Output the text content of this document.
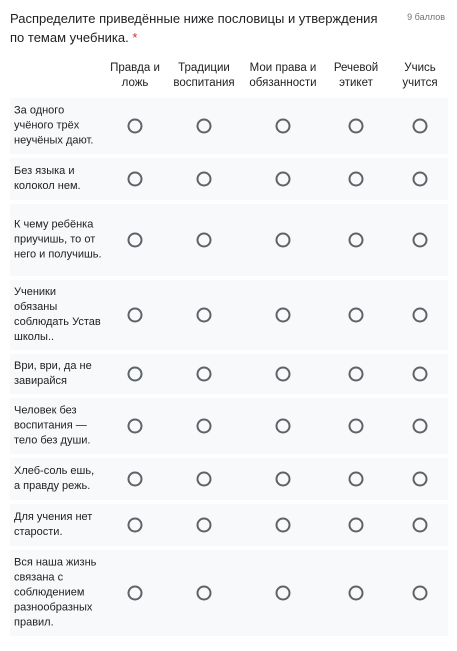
Распределите приведённые ниже пословицы и утверждения по темам учебника. *
9 баллов
Правда и
ложь
Традиции
воспитания
Мои права и
обязанности
Речевой
этикет
Учись
учится
За одного учёного трёх неучёных дают.
Без языка и колокол нем.
К чему ребёнка приучишь, то от него и получишь.
Ученики обязаны соблюдать Устав школы..
Ври, ври, да не завирайся
Человек без воспитания — тело без души.
Хлеб-соль ешь, а правду режь.
Для учения нет старости.
Вся наша жизнь связана с соблюдением разнообразных правил.
